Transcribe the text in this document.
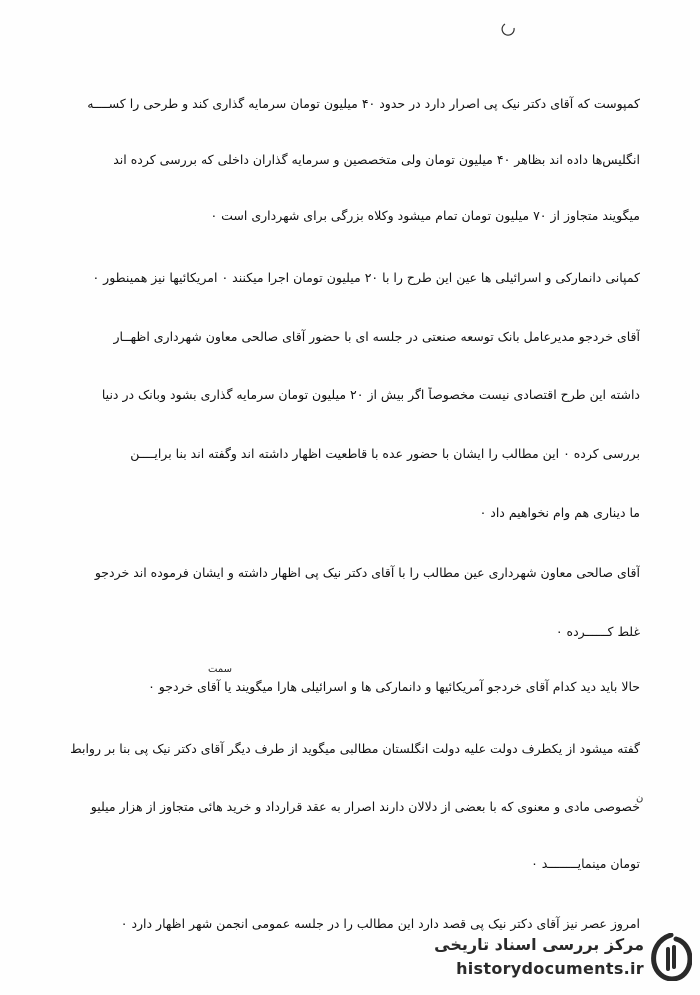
کمپوست که آقای دکتر نیک پی اصرار دارد در حدود ۴۰ میلیون تومان سرمایه گذاری کند و طرحی را کســــه
انگلیس‌ها داده اند بظاهر ۴۰ میلیون تومان ولی متخصصین و سرمایه گذاران داخلی که بررسی کرده اند
میگویند متجاوز از ۷۰ میلیون تومان تمام میشود وکلاه بزرگی برای شهرداری است ۰
کمپانی دانمارکی و اسرائیلی ها عین این طرح را با ۲۰ میلیون تومان اجرا میکنند ۰ امریکائیها نیز همینطور ۰
آقای خردجو مدیرعامل بانک توسعه صنعتی در جلسه ای با حضور آقای صالحی معاون شهرداری اظهــار
داشته این طرح اقتصادی نیست مخصوصاً اگر بیش از ۲۰ میلیون تومان سرمایه گذاری بشود وبانک در دنیا
بررسی کرده ۰ این مطالب را ایشان با حضور عده با قاطعیت اظهار داشته اند وگفته اند بنا برایــــن
ما دیناری هم وام نخواهیم داد ۰
آقای صالحی معاون شهرداری عین مطالب را با آقای دکتر نیک پی اظهار داشته و ایشان فرموده اند خردجو
غلط کــــــرده ۰
سمت
حالا باید دید کدام آقای خردجو آمریکائیها و دانمارکی ها و اسرائیلی هارا میگویند یا آقای خردجو ۰
گفته میشود از یکطرف دولت علیه دولت انگلستان مطالبی میگوید از طرف دیگر آقای دکتر نیک پی بنا بر روابط
ن
خصوصی مادی و معنوی که با بعضی از دلالان دارند اصرار به عقد قرارداد و خرید هائی متجاوز از هزار میلیو
تومان مینمایــــــــد ۰
امروز عصر نیز آقای دکتر نیک پی قصد دارد این مطالب را در جلسه عمومی انجمن شهر اظهار دارد ۰
مرکز بررسی اسناد تاریخی
historydocuments.ir
